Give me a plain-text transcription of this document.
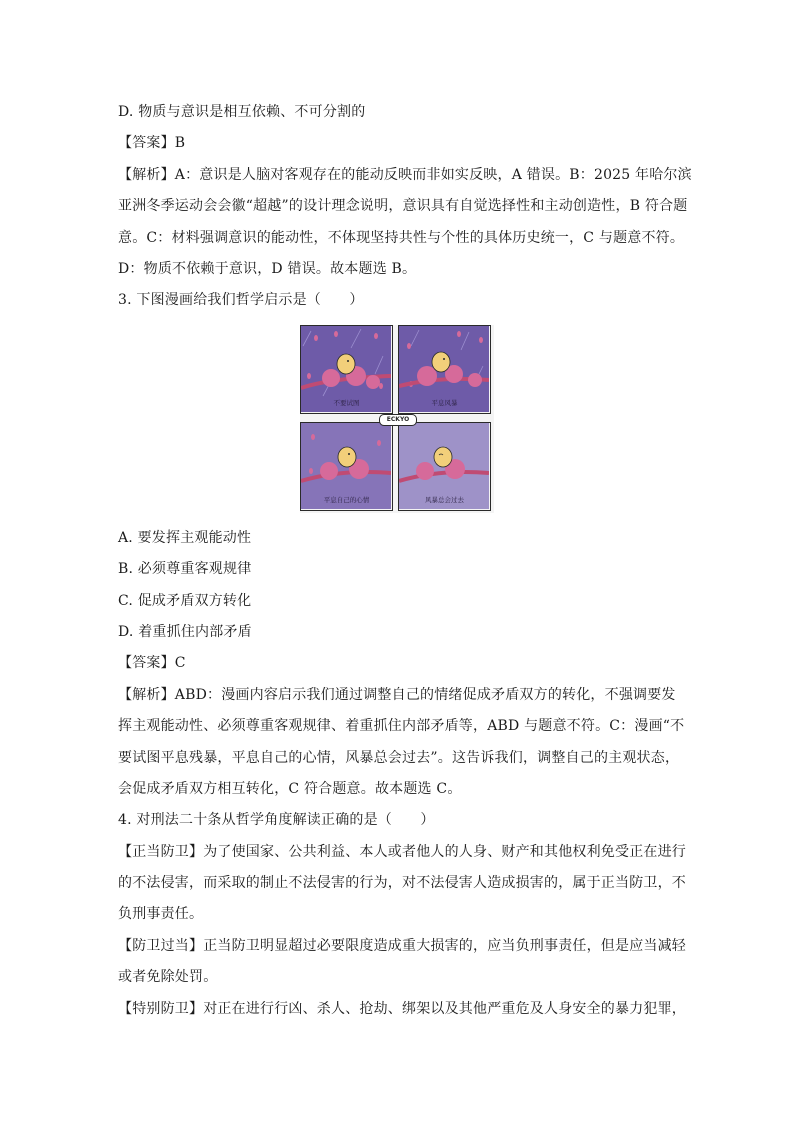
D. 物质与意识是相互依赖、不可分割的
【答案】B
【解析】A：意识是人脑对客观存在的能动反映而非如实反映，A 错误。B：2025 年哈尔滨
亚洲冬季运动会会徽“超越”的设计理念说明，意识具有自觉选择性和主动创造性，B 符合题
意。C：材料强调意识的能动性，不体现坚持共性与个性的具体历史统一，C 与题意不符。
D：物质不依赖于意识，D 错误。故本题选 B。
3. 下图漫画给我们哲学启示是（　　）
不要试图	平息风暴
平息自己的心情	风暴总会过去
ECKYO
A. 要发挥主观能动性
B. 必须尊重客观规律
C. 促成矛盾双方转化
D. 着重抓住内部矛盾
【答案】C
【解析】ABD：漫画内容启示我们通过调整自己的情绪促成矛盾双方的转化，不强调要发
挥主观能动性、必须尊重客观规律、着重抓住内部矛盾等，ABD 与题意不符。C：漫画“不
要试图平息残暴，平息自己的心情，风暴总会过去”。这告诉我们，调整自己的主观状态，
会促成矛盾双方相互转化，C 符合题意。故本题选 C。
4. 对刑法二十条从哲学角度解读正确的是（　　）
【正当防卫】为了使国家、公共利益、本人或者他人的人身、财产和其他权利免受正在进行
的不法侵害，而采取的制止不法侵害的行为，对不法侵害人造成损害的，属于正当防卫，不
负刑事责任。
【防卫过当】正当防卫明显超过必要限度造成重大损害的，应当负刑事责任，但是应当减轻
或者免除处罚。
【特别防卫】对正在进行行凶、杀人、抢劫、绑架以及其他严重危及人身安全的暴力犯罪，
